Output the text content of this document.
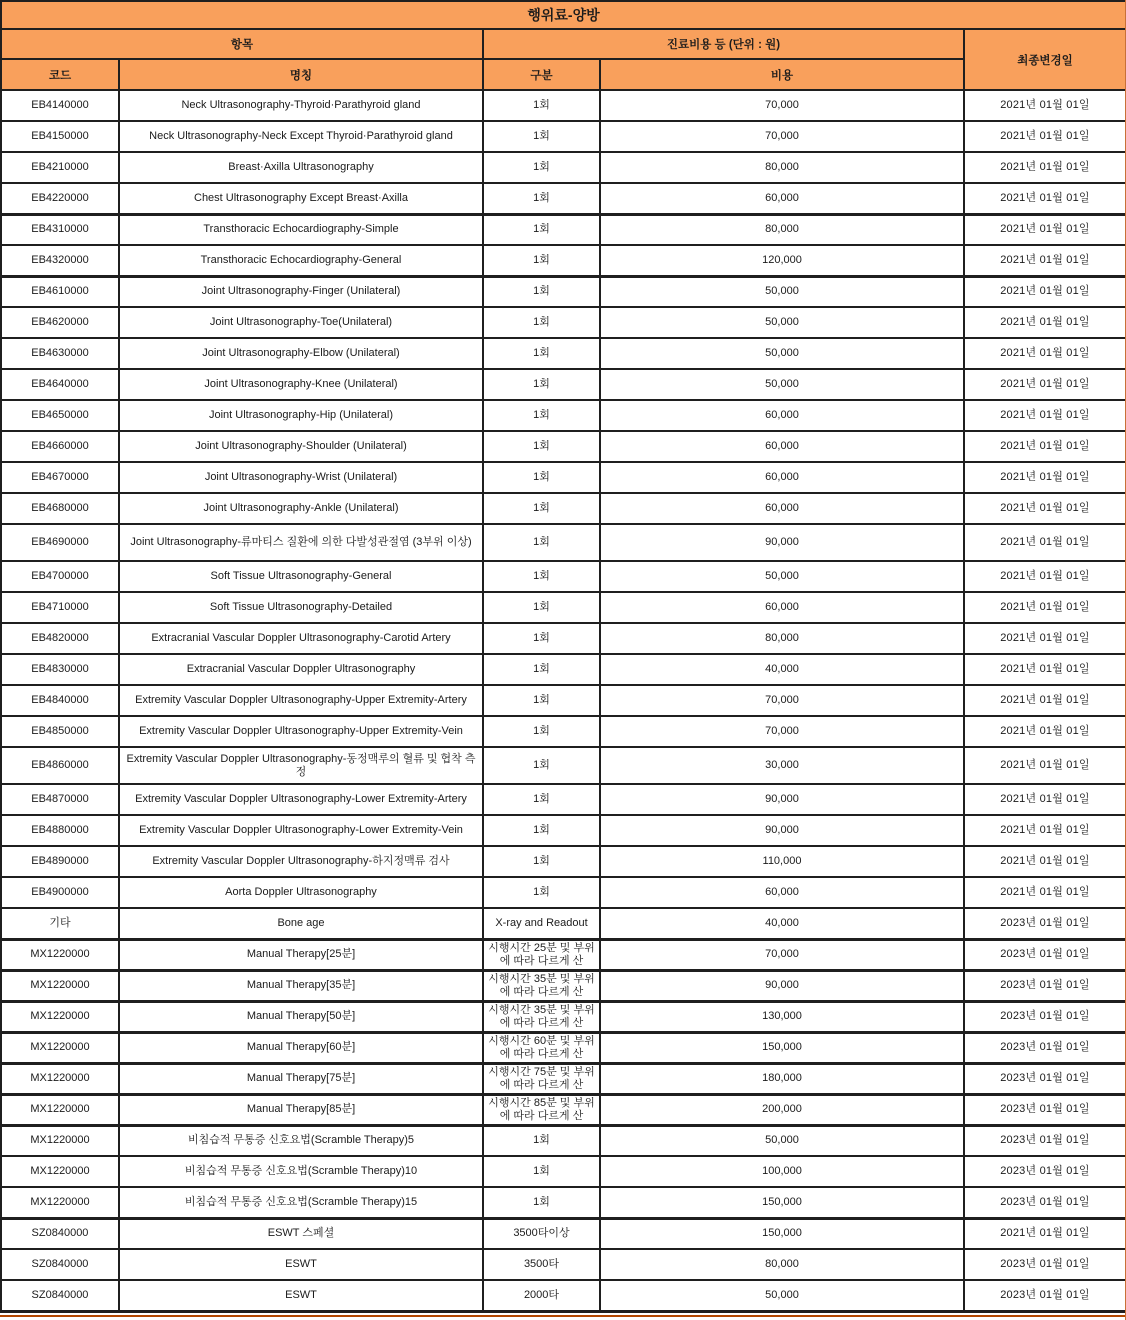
행위료-양방				
항목		진료비용 등 (단위 : 원)		최종변경일
코드	명칭	구분	비용	
EB4140000	Neck Ultrasonography-Thyroid·Parathyroid gland	1회	70,000	2021년 01월 01일
EB4150000	Neck Ultrasonography-Neck Except Thyroid·Parathyroid gland	1회	70,000	2021년 01월 01일
EB4210000	Breast·Axilla Ultrasonography	1회	80,000	2021년 01월 01일
EB4220000	Chest Ultrasonography Except Breast·Axilla	1회	60,000	2021년 01월 01일
EB4310000	Transthoracic Echocardiography-Simple	1회	80,000	2021년 01월 01일
EB4320000	Transthoracic Echocardiography-General	1회	120,000	2021년 01월 01일
EB4610000	Joint Ultrasonography-Finger (Unilateral)	1회	50,000	2021년 01월 01일
EB4620000	Joint Ultrasonography-Toe(Unilateral)	1회	50,000	2021년 01월 01일
EB4630000	Joint Ultrasonography-Elbow (Unilateral)	1회	50,000	2021년 01월 01일
EB4640000	Joint Ultrasonography-Knee (Unilateral)	1회	50,000	2021년 01월 01일
EB4650000	Joint Ultrasonography-Hip (Unilateral)	1회	60,000	2021년 01월 01일
EB4660000	Joint Ultrasonography-Shoulder (Unilateral)	1회	60,000	2021년 01월 01일
EB4670000	Joint Ultrasonography-Wrist (Unilateral)	1회	60,000	2021년 01월 01일
EB4680000	Joint Ultrasonography-Ankle (Unilateral)	1회	60,000	2021년 01월 01일
EB4690000	Joint Ultrasonography-류마티스 질환에 의한 다발성관절염 (3부위 이상)	1회	90,000	2021년 01월 01일
EB4700000	Soft Tissue Ultrasonography-General	1회	50,000	2021년 01월 01일
EB4710000	Soft Tissue Ultrasonography-Detailed	1회	60,000	2021년 01월 01일
EB4820000	Extracranial Vascular Doppler Ultrasonography-Carotid Artery	1회	80,000	2021년 01월 01일
EB4830000	Extracranial Vascular Doppler Ultrasonography	1회	40,000	2021년 01월 01일
EB4840000	Extremity Vascular Doppler Ultrasonography-Upper Extremity-Artery	1회	70,000	2021년 01월 01일
EB4850000	Extremity Vascular Doppler Ultrasonography-Upper Extremity-Vein	1회	70,000	2021년 01월 01일
EB4860000	Extremity Vascular Doppler Ultrasonography-동정맥루의 혈류 및 협착 측정	1회	30,000	2021년 01월 01일
EB4870000	Extremity Vascular Doppler Ultrasonography-Lower Extremity-Artery	1회	90,000	2021년 01월 01일
EB4880000	Extremity Vascular Doppler Ultrasonography-Lower Extremity-Vein	1회	90,000	2021년 01월 01일
EB4890000	Extremity Vascular Doppler Ultrasonography-하지정맥류 검사	1회	110,000	2021년 01월 01일
EB4900000	Aorta Doppler Ultrasonography	1회	60,000	2021년 01월 01일
기타	Bone age	X-ray and Readout	40,000	2023년 01월 01일
MX1220000	Manual Therapy[25분]	시행시간 25분 및 부위에 따라 다르게 산	70,000	2023년 01월 01일
MX1220000	Manual Therapy[35분]	시행시간 35분 및 부위에 따라 다르게 산	90,000	2023년 01월 01일
MX1220000	Manual Therapy[50분]	시행시간 35분 및 부위에 따라 다르게 산	130,000	2023년 01월 01일
MX1220000	Manual Therapy[60분]	시행시간 60분 및 부위에 따라 다르게 산	150,000	2023년 01월 01일
MX1220000	Manual Therapy[75분]	시행시간 75분 및 부위에 따라 다르게 산	180,000	2023년 01월 01일
MX1220000	Manual Therapy[85분]	시행시간 85분 및 부위에 따라 다르게 산	200,000	2023년 01월 01일
MX1220000	비침습적 무통증 신호요법(Scramble Therapy)5	1회	50,000	2023년 01월 01일
MX1220000	비침습적 무통증 신호요법(Scramble Therapy)10	1회	100,000	2023년 01월 01일
MX1220000	비침습적 무통증 신호요법(Scramble Therapy)15	1회	150,000	2023년 01월 01일
SZ0840000	ESWT 스페셜	3500타이상	150,000	2021년 01월 01일
SZ0840000	ESWT	3500타	80,000	2023년 01월 01일
SZ0840000	ESWT	2000타	50,000	2023년 01월 01일
